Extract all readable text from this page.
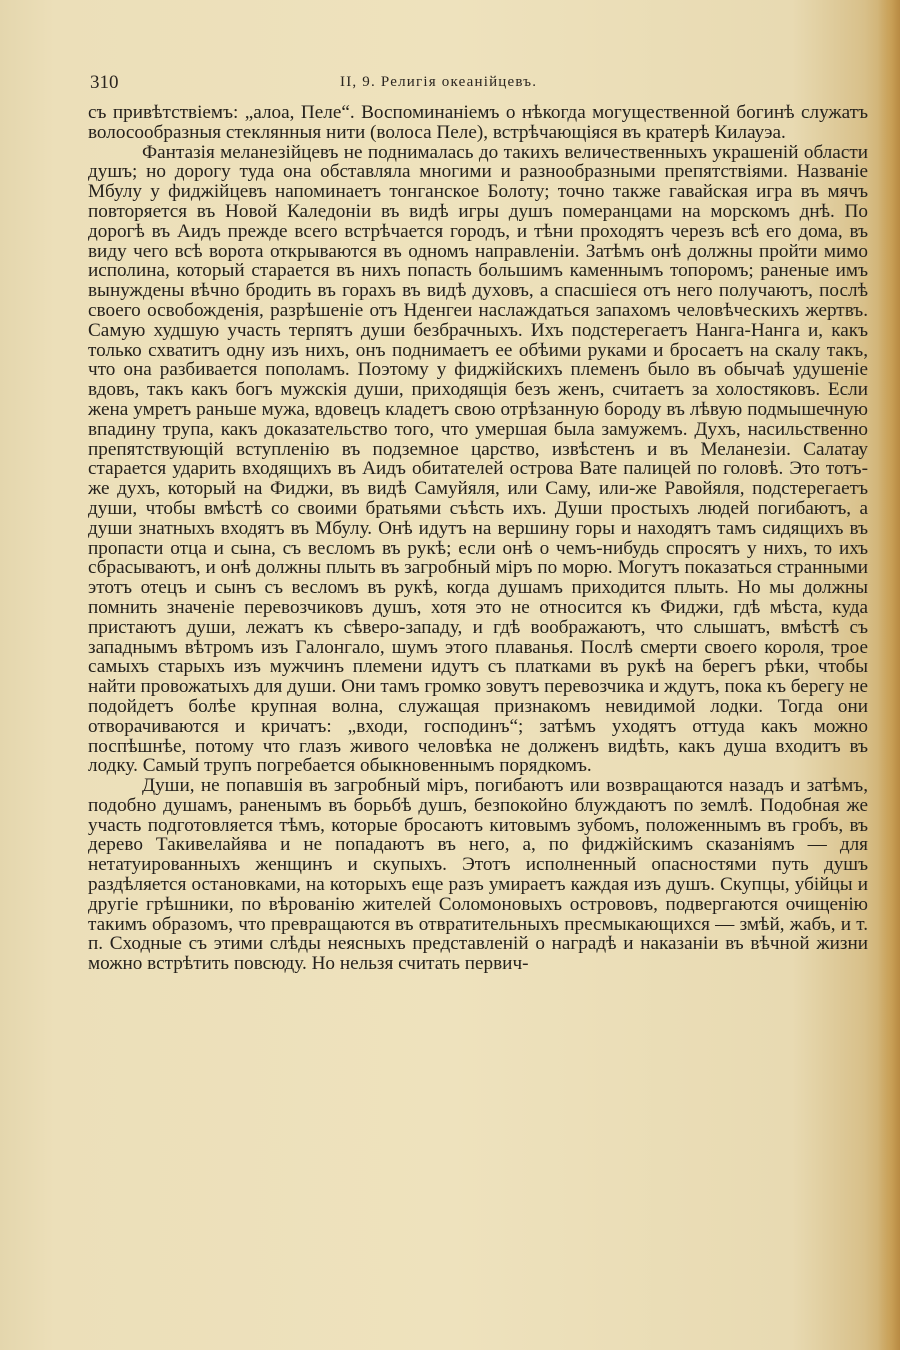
310	II, 9. Религія океанійцевъ.

съ привѣтствіемъ: „алоа, Пеле“. Воспоминаніемъ о нѣкогда могущественной богинѣ служатъ волосообразныя стеклянныя нити (волоса Пеле), встрѣчающіяся въ кратерѣ Килауэа.

Фантазія меланезійцевъ не поднималась до такихъ величественныхъ украшеній области душъ; но дорогу туда она обставляла многими и разнообразными препятствіями. Названіе Мбулу у фиджійцевъ напоминаетъ тонганское Болоту; точно также гавайская игра въ мячъ повторяется въ Новой Каледоніи въ видѣ игры душъ померанцами на морскомъ днѣ. По дорогѣ въ Аидъ прежде всего встрѣчается городъ, и тѣни проходятъ черезъ всѣ его дома, въ виду чего всѣ ворота открываются въ одномъ направленіи. Затѣмъ онѣ должны пройти мимо исполина, который старается въ нихъ попасть большимъ каменнымъ топоромъ; раненые имъ вынуждены вѣчно бродить въ горахъ въ видѣ духовъ, а спасшіеся отъ него получаютъ, послѣ своего освобожденія, разрѣшеніе отъ Нденгеи наслаждаться запахомъ человѣческихъ жертвъ. Самую худшую участь терпятъ души безбрачныхъ. Ихъ подстерегаетъ Нанга-Нанга и, какъ только схватитъ одну изъ нихъ, онъ поднимаетъ ее обѣими руками и бросаетъ на скалу такъ, что она разбивается пополамъ. Поэтому у фиджійскихъ племенъ было въ обычаѣ удушеніе вдовъ, такъ какъ богъ мужскія души, приходящія безъ женъ, считаетъ за холостяковъ. Если жена умретъ раньше мужа, вдовецъ кладетъ свою отрѣзанную бороду въ лѣвую подмышечную впадину трупа, какъ доказательство того, что умершая была замужемъ. Духъ, насильственно препятствующій вступленію въ подземное царство, извѣстенъ и въ Меланезіи. Салатау старается ударить входящихъ въ Аидъ обитателей острова Вате палицей по головѣ. Это тотъ-же духъ, который на Фиджи, въ видѣ Самуйяля, или Саму, или-же Равойяля, подстерегаетъ души, чтобы вмѣстѣ со своими братьями съѣсть ихъ. Души простыхъ людей погибаютъ, а души знатныхъ входятъ въ Мбулу. Онѣ идутъ на вершину горы и находятъ тамъ сидящихъ въ пропасти отца и сына, съ весломъ въ рукѣ; если онѣ о чемъ-нибудь спросятъ у нихъ, то ихъ сбрасываютъ, и онѣ должны плыть въ загробный міръ по морю. Могутъ показаться странными этотъ отецъ и сынъ съ весломъ въ рукѣ, когда душамъ приходится плыть. Но мы должны помнить значеніе перевозчиковъ душъ, хотя это не относится къ Фиджи, гдѣ мѣста, куда пристаютъ души, лежатъ къ сѣверо-западу, и гдѣ воображаютъ, что слышатъ, вмѣстѣ съ западнымъ вѣтромъ изъ Галонгало, шумъ этого плаванья. Послѣ смерти своего короля, трое самыхъ старыхъ изъ мужчинъ племени идутъ съ платками въ рукѣ на берегъ рѣки, чтобы найти провожатыхъ для души. Они тамъ громко зовутъ перевозчика и ждутъ, пока къ берегу не подойдетъ болѣе крупная волна, служащая признакомъ невидимой лодки. Тогда они отворачиваются и кричатъ: „входи, господинъ“; затѣмъ уходятъ оттуда какъ можно поспѣшнѣе, потому что глазъ живого человѣка не долженъ видѣть, какъ душа входитъ въ лодку. Самый трупъ погребается обыкновеннымъ порядкомъ.

Души, не попавшія въ загробный міръ, погибаютъ или возвращаются назадъ и затѣмъ, подобно душамъ, раненымъ въ борьбѣ душъ, безпокойно блуждаютъ по землѣ. Подобная же участь подготовляется тѣмъ, которые бросаютъ китовымъ зубомъ, положеннымъ въ гробъ, въ дерево Такивелайява и не попадаютъ въ него, а, по фиджійскимъ сказаніямъ — для нетатуированныхъ женщинъ и скупыхъ. Этотъ исполненный опасностями путь душъ раздѣляется остановками, на которыхъ еще разъ умираетъ каждая изъ душъ. Скупцы, убійцы и другіе грѣшники, по вѣрованію жителей Соломоновыхъ острововъ, подвергаются очищенію такимъ образомъ, что превращаются въ отвратительныхъ пресмыкающихся — змѣй, жабъ, и т. п. Сходные съ этими слѣды неясныхъ представленій о наградѣ и наказаніи въ вѣчной жизни можно встрѣтить повсюду. Но нельзя считать первич-
